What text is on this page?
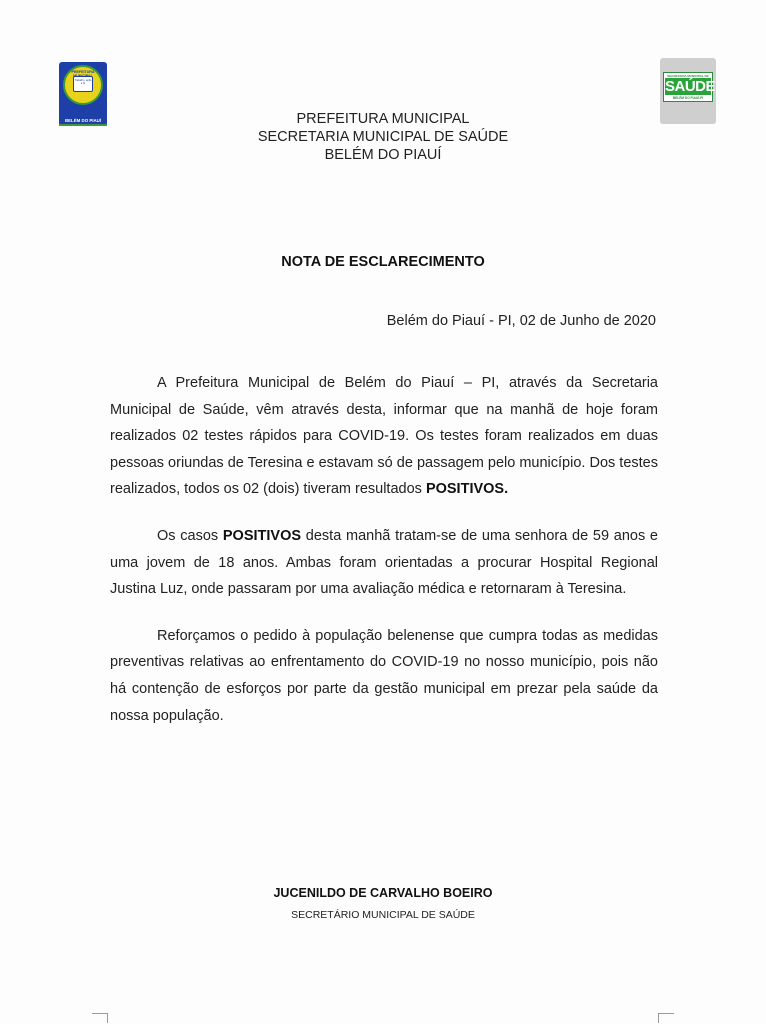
PREFEITURA
Trabalho, ação e fé
BELÉM DO PIAUÍ
SECRETARIA MUNICIPAL DE
SAÚDE
BELÉM DO PIAUÍ-PI
PREFEITURA MUNICIPAL
SECRETARIA MUNICIPAL DE SAÚDE
BELÉM DO PIAUÍ
NOTA DE ESCLARECIMENTO
Belém do Piauí - PI, 02 de Junho de 2020

A Prefeitura Municipal de Belém do Piauí – PI, através da Secretaria Municipal de Saúde, vêm através desta, informar que na manhã de hoje foram realizados 02 testes rápidos para COVID-19. Os testes foram realizados em duas pessoas oriundas de Teresina e estavam só de passagem pelo município. Dos testes realizados, todos os 02 (dois) tiveram resultados POSITIVOS.

Os casos POSITIVOS desta manhã tratam-se de uma senhora de 59 anos e uma jovem de 18 anos. Ambas foram orientadas a procurar Hospital Regional Justina Luz, onde passaram por uma avaliação médica e retornaram à Teresina.

Reforçamos o pedido à população belenense que cumpra todas as medidas preventivas relativas ao enfrentamento do COVID-19 no nosso município, pois não há contenção de esforços por parte da gestão municipal em prezar pela saúde da nossa população.

JUCENILDO DE CARVALHO BOEIRO
SECRETÁRIO MUNICIPAL DE SAÚDE
